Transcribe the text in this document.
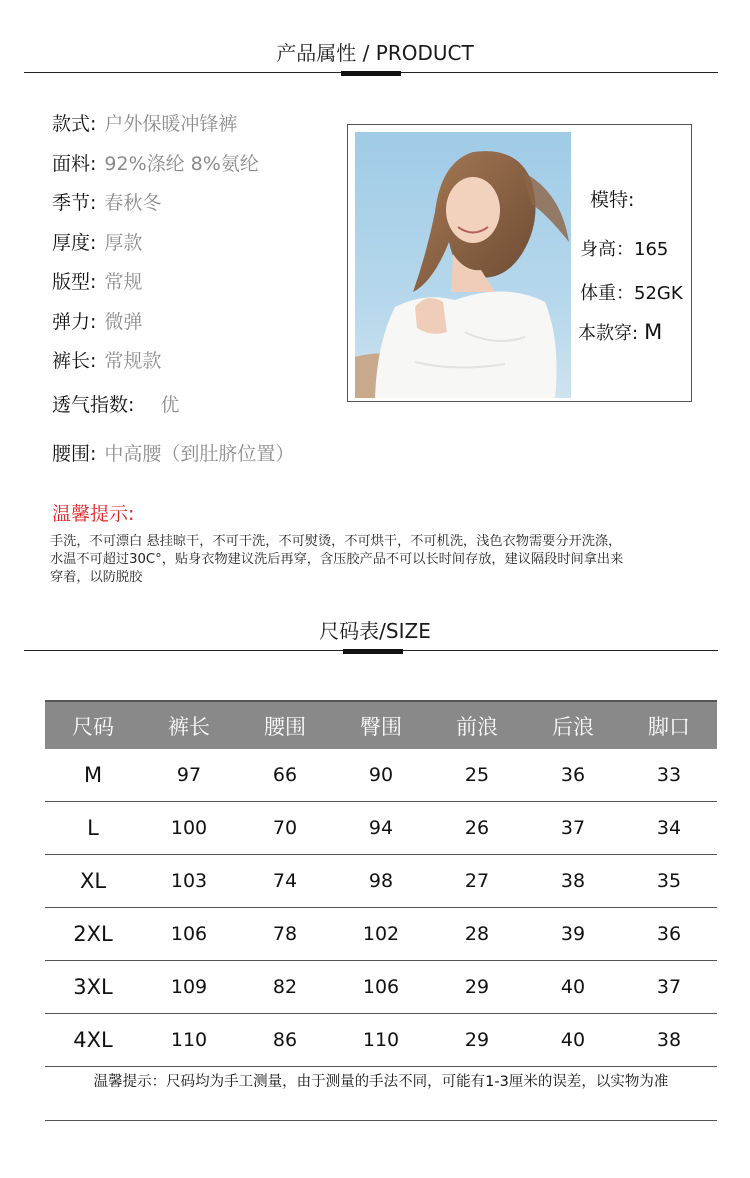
产品属性 / PRODUCT
款式: 户外保暖冲锋裤
面料: 92%涤纶 8%氨纶
季节: 春秋冬
厚度: 厚款
版型: 常规
弹力: 微弹
裤长: 常规款
透气指数: 优
腰围: 中高腰（到肚脐位置）
模特:
身高：165
体重：52GK
本款穿: M
温馨提示:
手洗，不可漂白 悬挂晾干，不可干洗，不可熨烫，不可烘干，不可机洗，浅色衣物需要分开洗涤，
水温不可超过30C°，贴身衣物建议洗后再穿，含压胶产品不可以长时间存放，建议隔段时间拿出来
穿着，以防脱胶
尺码表/SIZE
尺码	裤长	腰围	臀围	前浪	后浪	脚口
M	97	66	90	25	36	33
L	100	70	94	26	37	34
XL	103	74	98	27	38	35
2XL	106	78	102	28	39	36
3XL	109	82	106	29	40	37
4XL	110	86	110	29	40	38
温馨提示：尺码均为手工测量，由于测量的手法不同，可能有1-3厘米的误差，以实物为准
